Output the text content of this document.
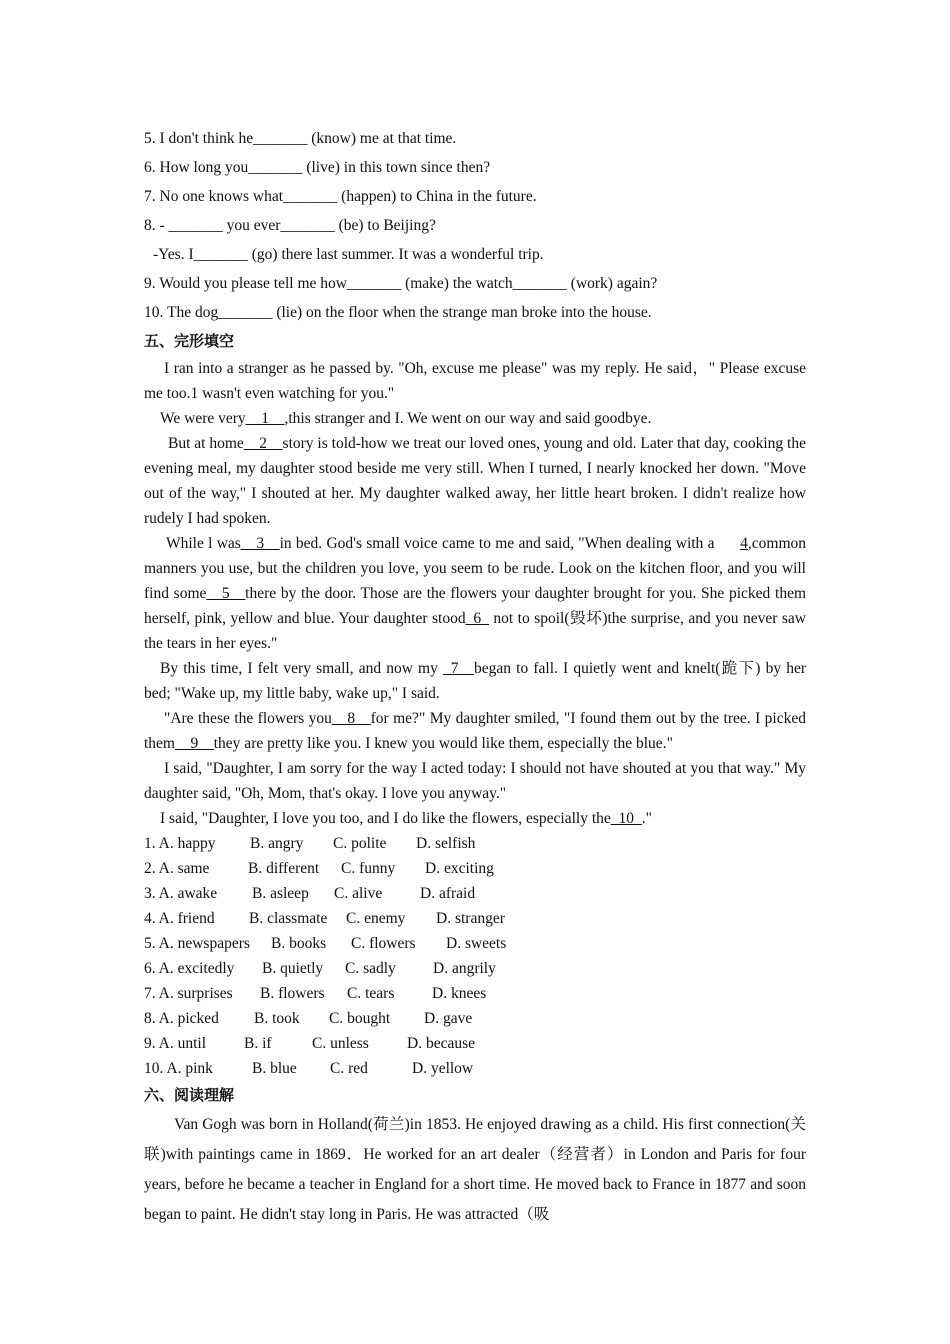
5. I don't think he_______ (know) me at that time.
6. How long you_______ (live) in this town since then?
7. No one knows what_______ (happen) to China in the future.
8. - _______ you ever_______ (be) to Beijing?
-Yes. I_______ (go) there last summer. It was a wonderful trip.
9. Would you please tell me how_______ (make) the watch_______ (work) again?
10. The dog_______ (lie) on the floor when the strange man broke into the house.
五、完形填空

I ran into a stranger as he passed by. "Oh, excuse me please" was my reply. He said，" Please excuse me too.1 wasn't even watching for you."

We were very__1__,this stranger and I. We went on our way and said goodbye.

But at home__2__story is told-how we treat our loved ones, young and old. Later that day, cooking the evening meal, my daughter stood beside me very still. When I turned, I nearly knocked her down. "Move out of the way," I shouted at her. My daughter walked away, her little heart broken. I didn't realize how rudely I had spoken.

While l was__3__in bed. God's small voice came to me and said, "When dealing with a 4,common manners you use, but the children you love, you seem to be rude. Look on the kitchen floor, and you will find some__5__there by the door. Those are the flowers your daughter brought for you. She picked them herself, pink, yellow and blue. Your daughter stood_6_ not to spoil(毁坏)the surprise, and you never saw the tears in her eyes."

By this time, I felt very small, and now my _7__began to fall. I quietly went and knelt(跪下) by her bed; "Wake up, my little baby, wake up," I said.

"Are these the flowers you__8__for me?" My daughter smiled, "I found them out by the tree. I picked them__9__they are pretty like you. I knew you would like them, especially the blue."

I said, "Daughter, I am sorry for the way I acted today: I should not have shouted at you that way." My daughter said, "Oh, Mom, that's okay. I love you anyway."

I said, "Daughter, I love you too, and I do like the flowers, especially the_10_."

1. A. happy B. angry C. polite D. selfish
2. A. same B. different C. funny D. exciting
3. A. awake B. asleep C. alive D. afraid
4. A. friend B. classmate C. enemy D. stranger
5. A. newspapers B. books C. flowers D. sweets
6. A. excitedly B. quietly C. sadly D. angrily
7. A. surprises B. flowers C. tears D. knees
8. A. picked B. took C. bought D. gave
9. A. until B. if	C. unless D. because
10. A. pink	B. blue C. red	D. yellow
六、阅读理解

Van Gogh was born in Holland(荷兰)in 1853. He enjoyed drawing as a child. His first connection(关联)with paintings came in 1869．He worked for an art dealer（经营者）in London and Paris for four years, before he became a teacher in England for a short time. He moved back to France in 1877 and soon began to paint. He didn't stay long in Paris. He was attracted（吸
